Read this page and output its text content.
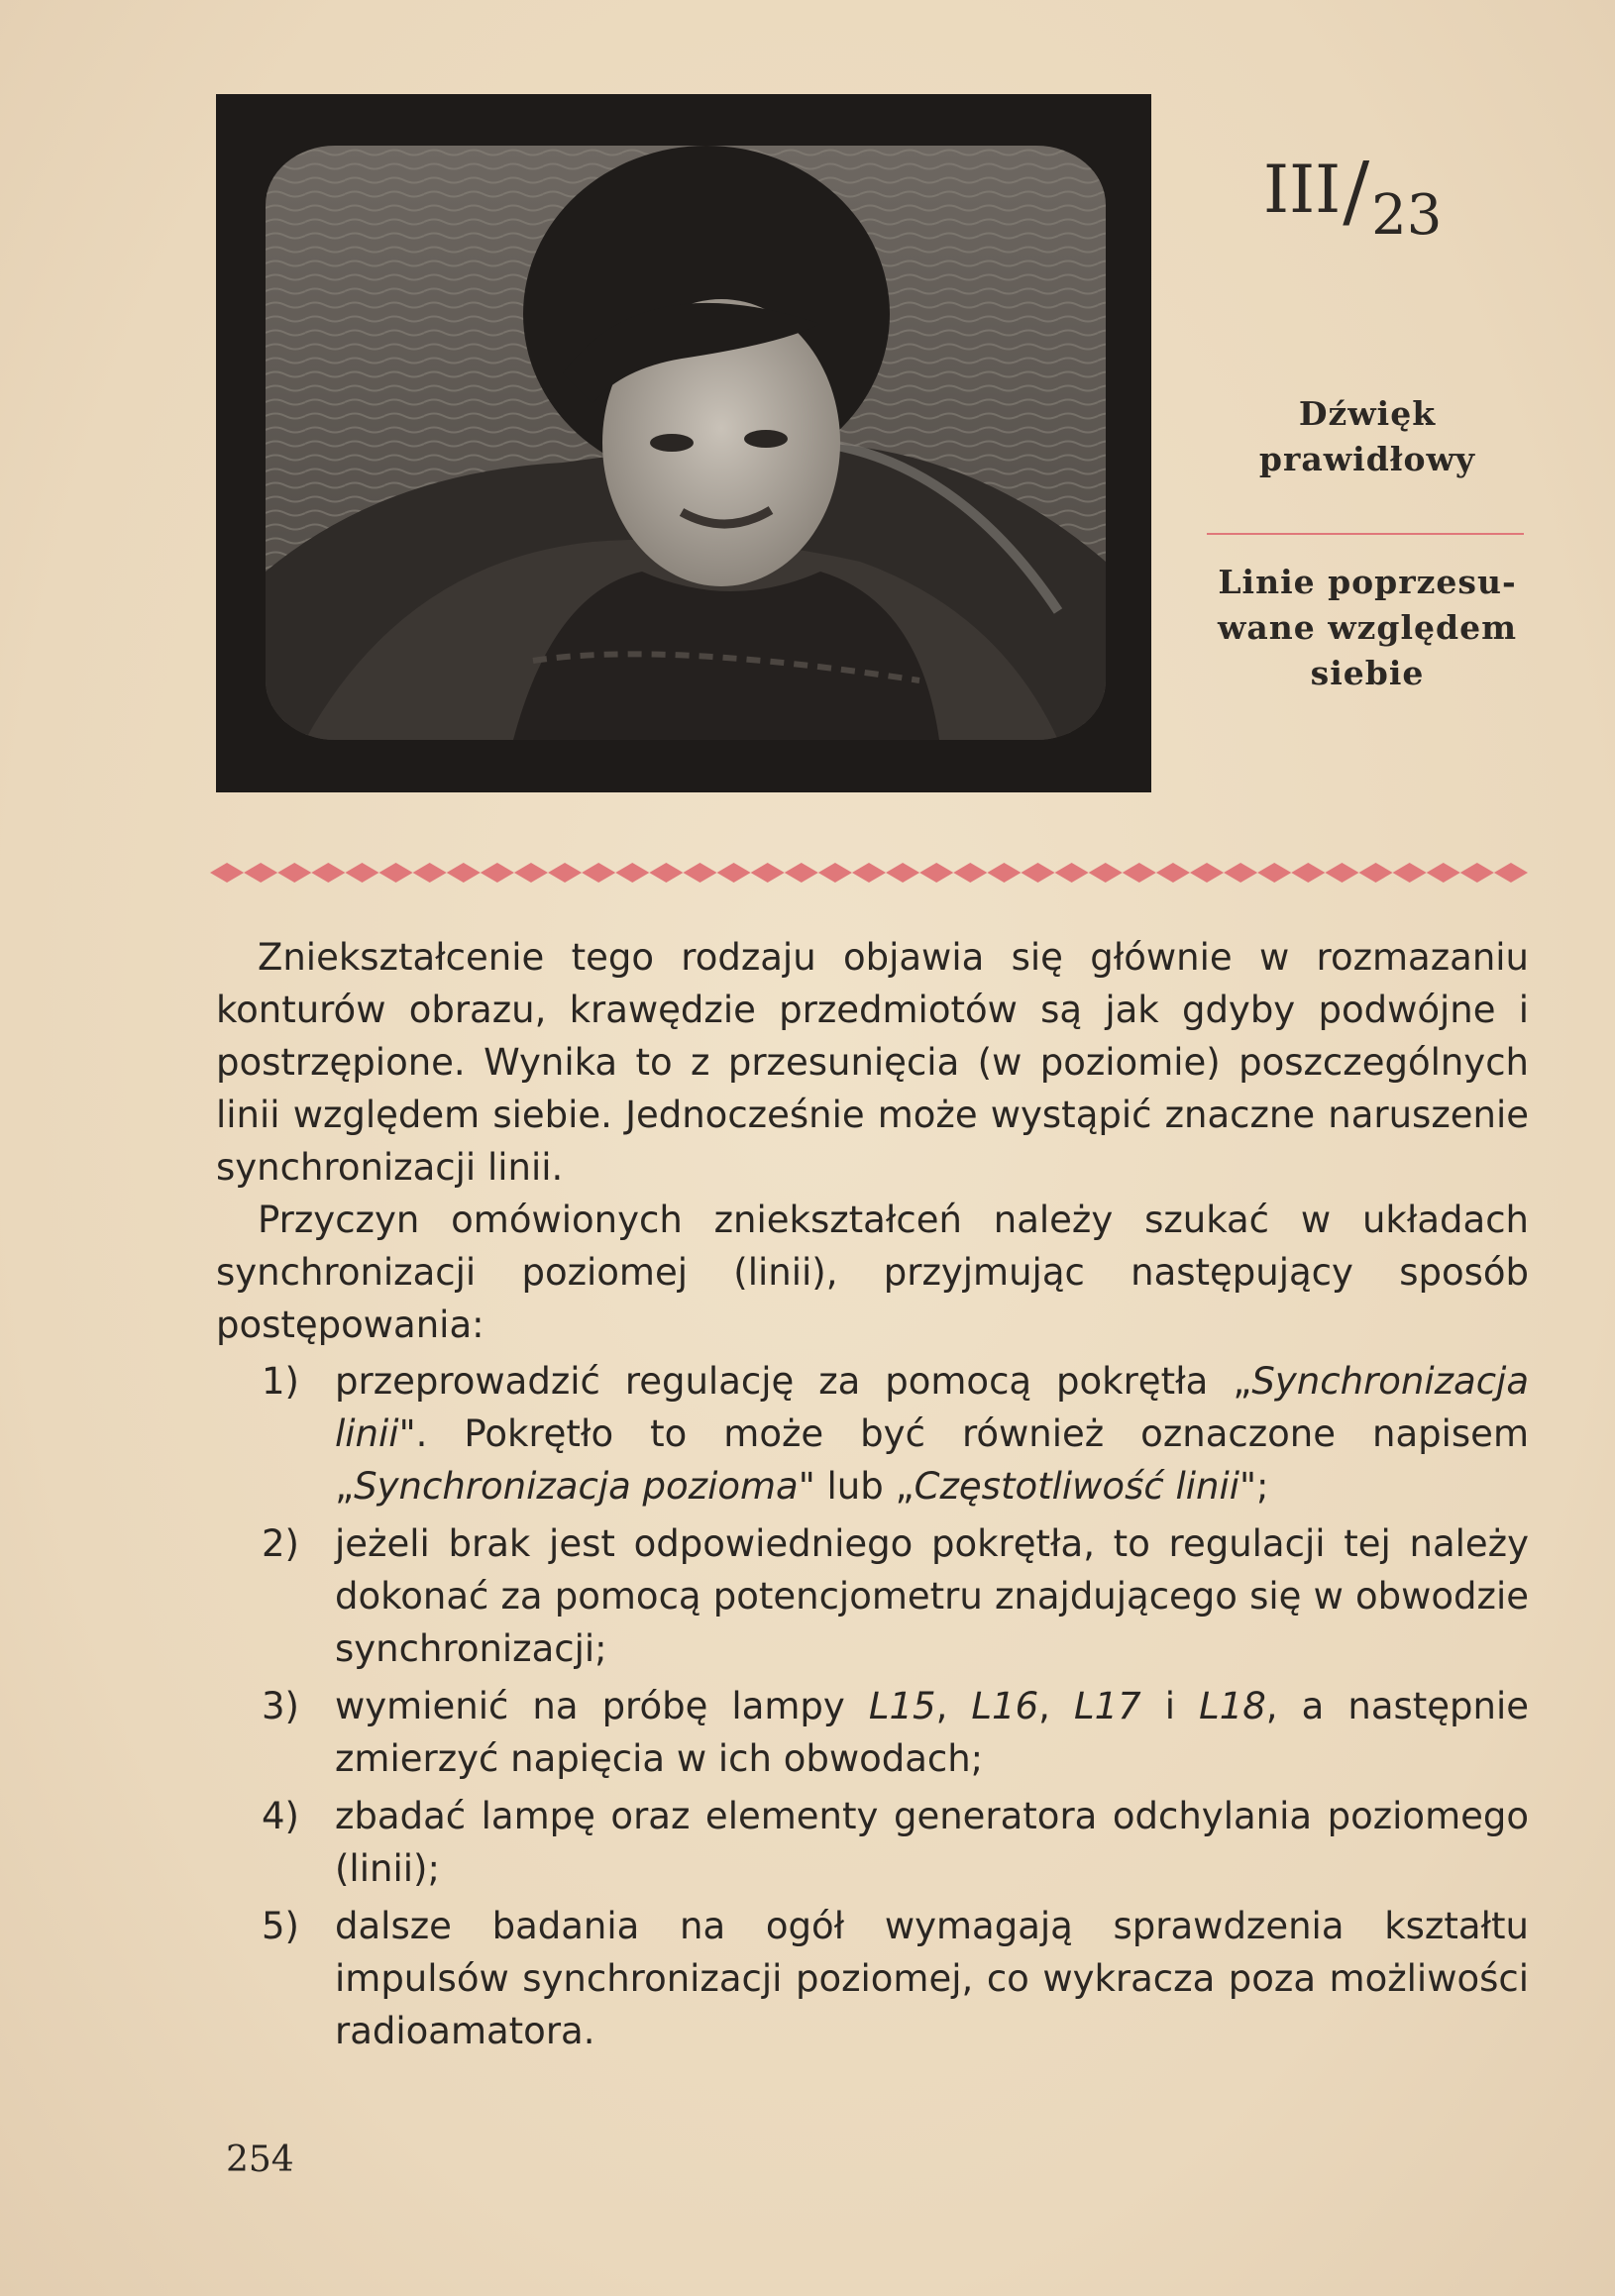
III/$_{23}$
Dźwięk
prawidłowy
Linie poprzesu-
wane względem
siebie

Zniekształcenie tego rodzaju objawia się głównie w rozmazaniu konturów obrazu, krawędzie przedmiotów są jak gdyby podwójne i postrzępione. Wynika to z przesunięcia (w poziomie) poszczególnych linii względem siebie. Jednocześnie może wystąpić znaczne naruszenie synchronizacji linii.

Przyczyn omówionych zniekształceń należy szukać w układach synchronizacji poziomej (linii), przyjmując następujący sposób postępowania:

1) przeprowadzić regulację za pomocą pokrętła „Synchronizacja linii". Pokrętło to może być również oznaczone napisem „Synchronizacja pozioma" lub „Częstotliwość linii";
2) jeżeli brak jest odpowiedniego pokrętła, to regulacji tej należy dokonać za pomocą potencjometru znajdującego się w obwodzie synchronizacji;
3) wymienić na próbę lampy L15, L16, L17 i L18, a następnie zmierzyć napięcia w ich obwodach;
4) zbadać lampę oraz elementy generatora odchylania poziomego (linii);
5) dalsze badania na ogół wymagają sprawdzenia kształtu impulsów synchronizacji poziomej, co wykracza poza możliwości radioamatora.
254
